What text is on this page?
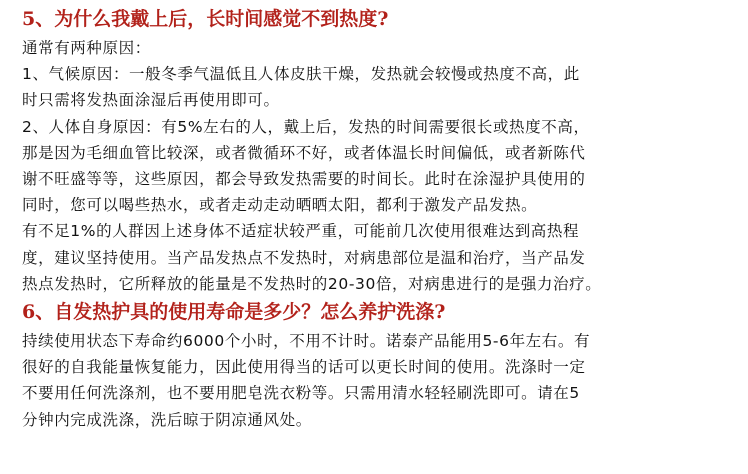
5、为什么我戴上后，长时间感觉不到热度?
通常有两种原因：
1、气候原因：一般冬季气温低且人体皮肤干燥，发热就会较慢或热度不高，此
时只需将发热面涂湿后再使用即可。
2、人体自身原因：有5%左右的人，戴上后，发热的时间需要很长或热度不高，
那是因为毛细血管比较深，或者微循环不好，或者体温长时间偏低，或者新陈代
谢不旺盛等等，这些原因，都会导致发热需要的时间长。此时在涂湿护具使用的
同时，您可以喝些热水，或者走动走动晒晒太阳，都利于激发产品发热。
有不足1%的人群因上述身体不适症状较严重，可能前几次使用很难达到高热程
度，建议坚持使用。当产品发热点不发热时，对病患部位是温和治疗，当产品发
热点发热时，它所释放的能量是不发热时的20-30倍，对病患进行的是强力治疗。
6、自发热护具的使用寿命是多少？怎么养护洗涤?
持续使用状态下寿命约6000个小时，不用不计时。诺泰产品能用5-6年左右。有
很好的自我能量恢复能力，因此使用得当的话可以更长时间的使用。洗涤时一定
不要用任何洗涤剂，也不要用肥皂洗衣粉等。只需用清水轻轻刷洗即可。请在5
分钟内完成洗涤，洗后晾于阴凉通风处。
